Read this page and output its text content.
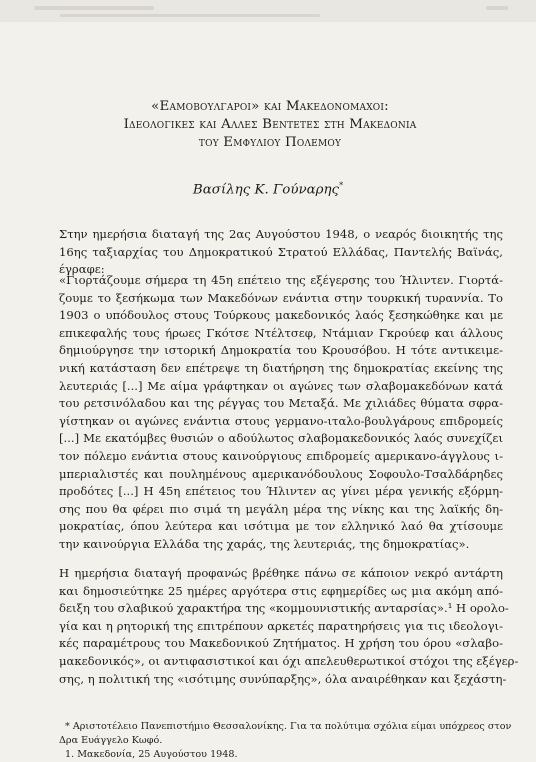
«Εαμοβουλγαροι» και Μακεδονομαχοι:
Ιδεολογικες και Αλλες Βεντετες στη Μακεδονια
του Εμφυλιου Πολεμου
Βασίλης Κ. Γούναρης*
Στην ημερήσια διαταγή της 2ας Αυγούστου 1948, ο νεαρός διοικητής της 16ης ταξιαρχίας του Δημοκρατικού Στρατού Ελλάδας, Παντελής Βαϊνάς, έγραφε:
«Γιορτάζουμε σήμερα τη 45η επέτειο της εξέγερσης του Ήλιντεν. Γιορτά-
ζουμε το ξεσήκωμα των Μακεδόνων ενάντια στην τουρκική τυραννία. Το
1903 ο υπόδουλος στους Τούρκους μακεδονικός λαός ξεσηκώθηκε και με
επικεφαλής τους ήρωες Γκότσε Ντέλτσεφ, Ντάμιαν Γκρούεφ και άλλους
δημιούργησε την ιστορική Δημοκρατία του Κρουσόβου. Η τότε αντικειμε-
νική κατάσταση δεν επέτρεψε τη διατήρηση της δημοκρατίας εκείνης της
λευτεριάς [...] Με αίμα γράφτηκαν οι αγώνες των σλαβομακεδόνων κατά
του ρετσινόλαδου και της ρέγγας του Μεταξά. Με χιλιάδες θύματα σφρα-
γίστηκαν οι αγώνες ενάντια στους γερμανο-ιταλο-βουλγάρους επιδρομείς
[...] Με εκατόμβες θυσιών ο αδούλωτος σλαβομακεδονικός λαός συνεχίζει
τον πόλεμο ενάντια στους καινούργιους επιδρομείς αμερικανο-άγγλους ι-
μπεριαλιστές και πουλημένους αμερικανόδουλους Σοφουλο-Τσαλδάρηδες
προδότες [...] Η 45η επέτειος του Ήλιντεν ας γίνει μέρα γενικής εξόρμη-
σης που θα φέρει πιο σιμά τη μεγάλη μέρα της νίκης και της λαϊκής δη-
μοκρατίας, όπου λεύτερα και ισότιμα με τον ελληνικό λαό θα χτίσουμε
την καινούργια Ελλάδα της χαράς, της λευτεριάς, της δημοκρατίας».
Η ημερήσια διαταγή προφανώς βρέθηκε πάνω σε κάποιον νεκρό αντάρτη
και δημοσιεύτηκε 25 ημέρες αργότερα στις εφημερίδες ως μια ακόμη από-
δειξη του σλαβικού χαρακτήρα της «κομμουνιστικής ανταρσίας».¹ Η ορολο-
γία και η ρητορική της επιτρέπουν αρκετές παρατηρήσεις για τις ιδεολογι-
κές παραμέτρους του Μακεδονικού Ζητήματος. Η χρήση του όρου «σλαβο-
μακεδονικός», οι αντιφασιστικοί και όχι απελευθερωτικοί στόχοι της εξέγερ-
σης, η πολιτική της «ισότιμης συνύπαρξης», όλα αναιρέθηκαν και ξεχάστη-
* Αριστοτέλειο Πανεπιστήμιο Θεσσαλονίκης. Για τα πολύτιμα σχόλια είμαι υπόχρεος στον
Δρα Ευάγγελο Κωφό.
1. Μακεδονία, 25 Αυγούστου 1948.
